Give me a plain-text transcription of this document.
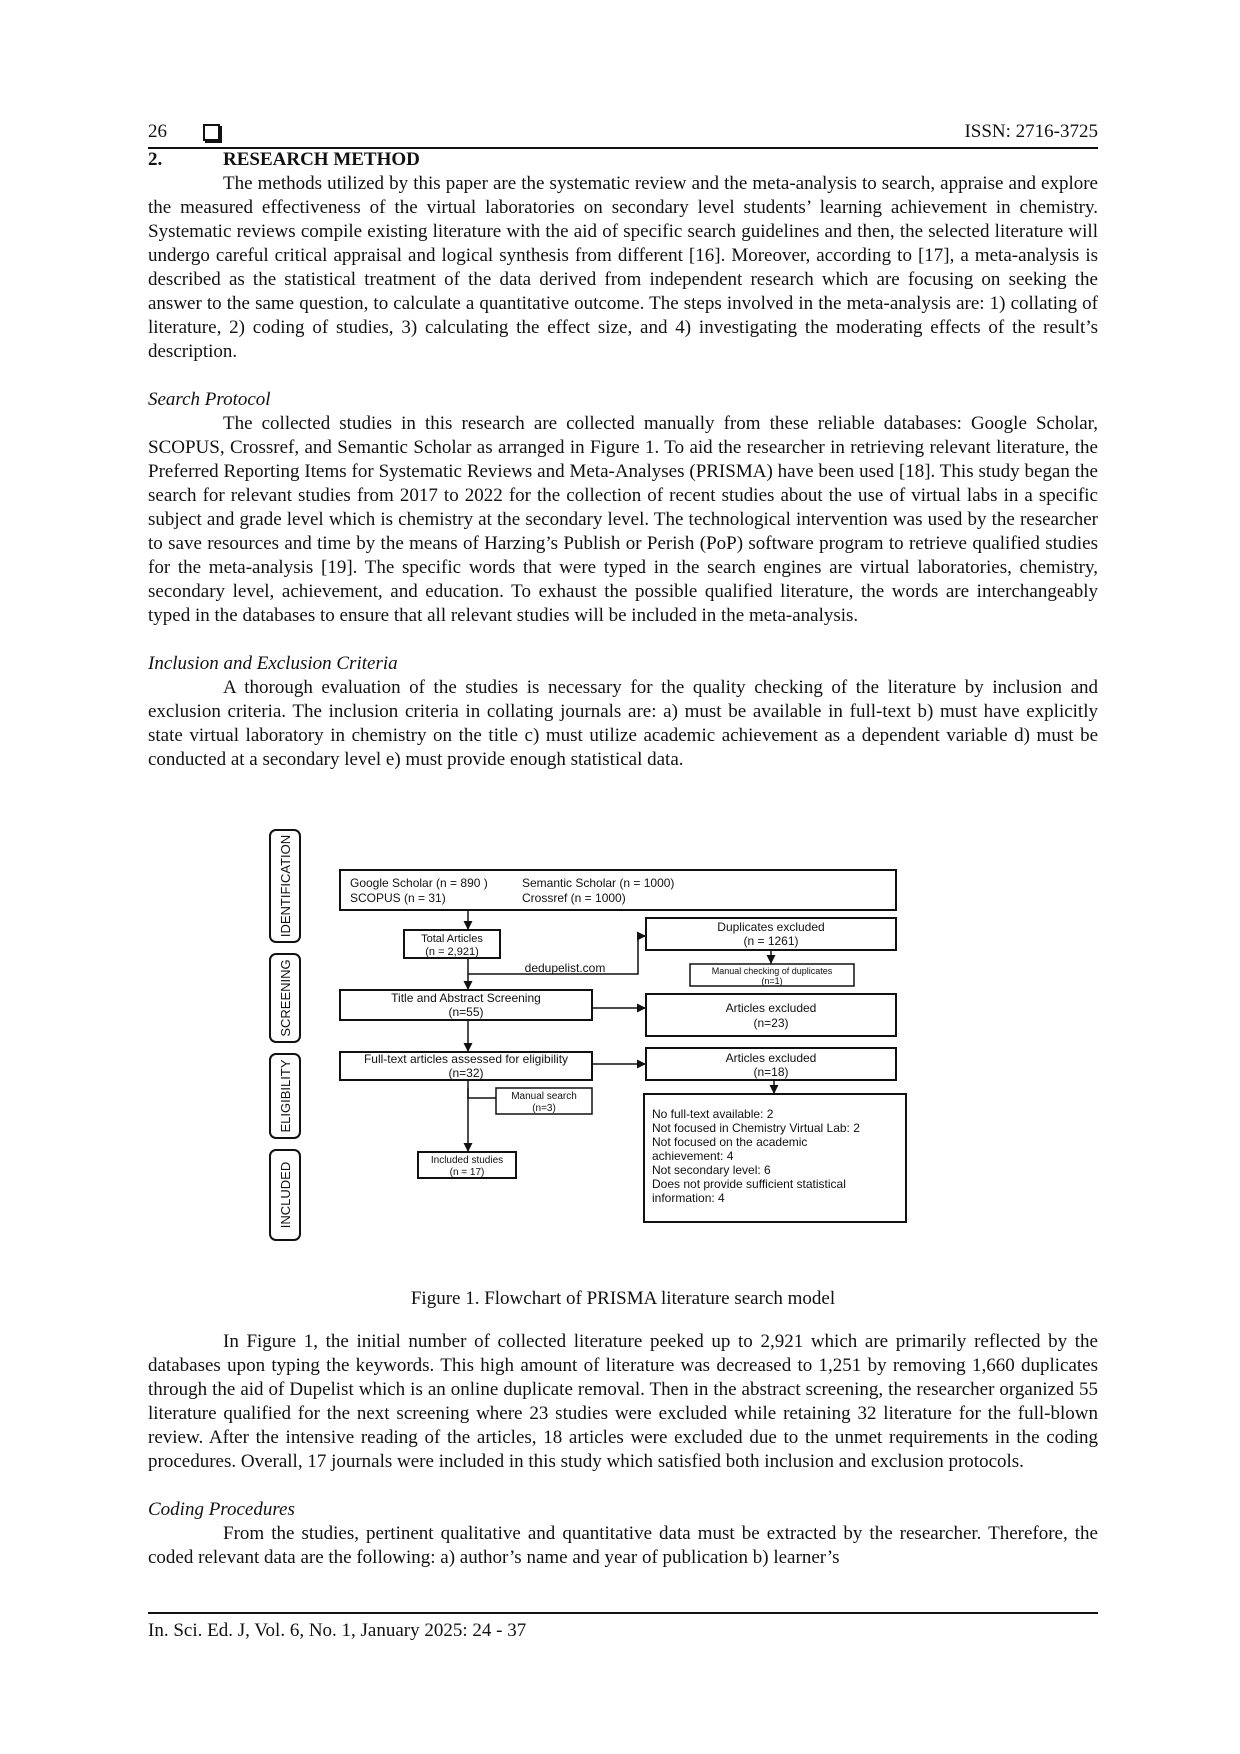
26	ISSN: 2716-3725

2.	RESEARCH METHOD

The methods utilized by this paper are the systematic review and the meta-analysis to search, appraise and explore the measured effectiveness of the virtual laboratories on secondary level students’ learning achievement in chemistry. Systematic reviews compile existing literature with the aid of specific search guidelines and then, the selected literature will undergo careful critical appraisal and logical synthesis from different [16]. Moreover, according to [17], a meta-analysis is described as the statistical treatment of the data derived from independent research which are focusing on seeking the answer to the same question, to calculate a quantitative outcome. The steps involved in the meta-analysis are: 1) collating of literature, 2) coding of studies, 3) calculating the effect size, and 4) investigating the moderating effects of the result’s description.

Search Protocol

The collected studies in this research are collected manually from these reliable databases: Google Scholar, SCOPUS, Crossref, and Semantic Scholar as arranged in Figure 1. To aid the researcher in retrieving relevant literature, the Preferred Reporting Items for Systematic Reviews and Meta-Analyses (PRISMA) have been used [18]. This study began the search for relevant studies from 2017 to 2022 for the collection of recent studies about the use of virtual labs in a specific subject and grade level which is chemistry at the secondary level. The technological intervention was used by the researcher to save resources and time by the means of Harzing’s Publish or Perish (PoP) software program to retrieve qualified studies for the meta-analysis [19]. The specific words that were typed in the search engines are virtual laboratories, chemistry, secondary level, achievement, and education. To exhaust the possible qualified literature, the words are interchangeably typed in the databases to ensure that all relevant studies will be included in the meta-analysis.

Inclusion and Exclusion Criteria

A thorough evaluation of the studies is necessary for the quality checking of the literature by inclusion and exclusion criteria. The inclusion criteria in collating journals are: a) must be available in full-text b) must have explicitly state virtual laboratory in chemistry on the title c) must utilize academic achievement as a dependent variable d) must be conducted at a secondary level e) must provide enough statistical data.

IDENTIFICATION
SCREENING
ELIGIBILITY
INCLUDED
Google Scholar (n = 890 )
SCOPUS (n = 31)
Semantic Scholar (n = 1000)
Crossref (n = 1000)
Total Articles
(n = 2,921)
Duplicates excluded
(n = 1261)
dedupelist.com	Manual checking of duplicates
(n=1)
Title and Abstract Screening
(n=55)	Articles excluded
(n=23)
Full-text articles assessed for eligibility
(n=32)
Articles excluded
(n=18)
Manual search
(n=3)
Included studies
(n = 17)
No full-text available: 2
Not focused in Chemistry Virtual Lab: 2
Not focused on the academic
achievement: 4
Not secondary level: 6
Does not provide sufficient statistical
information: 4
Figure 1. Flowchart of PRISMA literature search model

In Figure 1, the initial number of collected literature peeked up to 2,921 which are primarily reflected by the databases upon typing the keywords. This high amount of literature was decreased to 1,251 by removing 1,660 duplicates through the aid of Dupelist which is an online duplicate removal. Then in the abstract screening, the researcher organized 55 literature qualified for the next screening where 23 studies were excluded while retaining 32 literature for the full-blown review. After the intensive reading of the articles, 18 articles were excluded due to the unmet requirements in the coding procedures. Overall, 17 journals were included in this study which satisfied both inclusion and exclusion protocols.

Coding Procedures

From the studies, pertinent qualitative and quantitative data must be extracted by the researcher. Therefore, the coded relevant data are the following: a) author’s name and year of publication b) learner’s

In. Sci. Ed. J, Vol. 6, No. 1, January 2025: 24 - 37
